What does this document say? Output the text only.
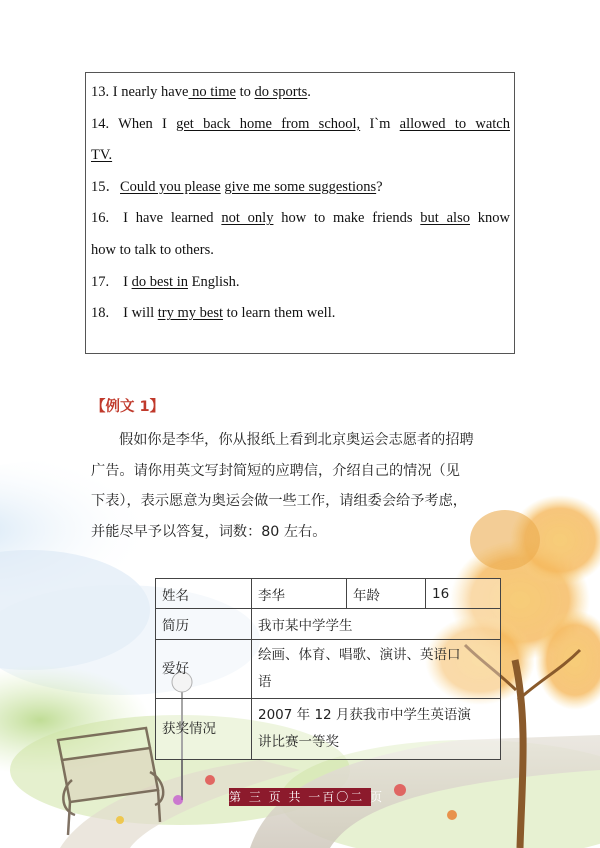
13. I nearly have no time to do sports.
14. When I get back home from school, I`m allowed to watch
TV.
15．Could you please give me some suggestions?
16. I have learned not only how to make friends but also know
how to talk to others.
17. I do best in English.
18. I will try my best to learn them well.
【例文 1】

假如你是李华，你从报纸上看到北京奥运会志愿者的招聘

广告。请你用英文写封简短的应聘信，介绍自己的情况（见

下表），表示愿意为奥运会做一些工作，请组委会给予考虑，

并能尽早予以答复，词数：80 左右。

姓名	李华	年龄	16
简历	我市某中学学生		
爱好	绘画、体育、唱歌、演讲、英语口
语		
获奖情况	2007 年 12 月获我市中学生英语演
讲比赛一等奖		
第 三 页 共 一百〇二 页
